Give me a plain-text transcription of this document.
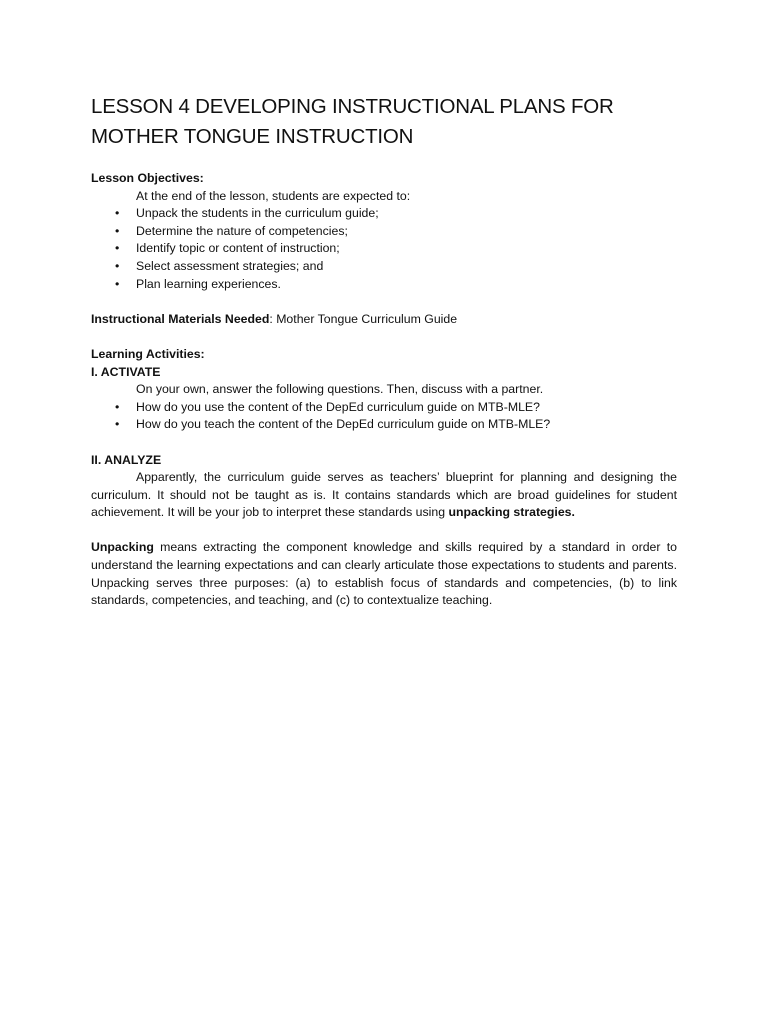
LESSON 4 DEVELOPING INSTRUCTIONAL PLANS FOR MOTHER TONGUE INSTRUCTION
Lesson Objectives:
At the end of the lesson, students are expected to:
• Unpack the students in the curriculum guide;
• Determine the nature of competencies;
• Identify topic or content of instruction;
• Select assessment strategies; and
• Plan learning experiences.
Instructional Materials Needed: Mother Tongue Curriculum Guide
Learning Activities:
I. ACTIVATE
On your own, answer the following questions. Then, discuss with a partner.
• How do you use the content of the DepEd curriculum guide on MTB-MLE?
• How do you teach the content of the DepEd curriculum guide on MTB-MLE?
II. ANALYZE

Apparently, the curriculum guide serves as teachers’ blueprint for planning and designing the curriculum. It should not be taught as is. It contains standards which are broad guidelines for student achievement. It will be your job to interpret these standards using unpacking strategies.

Unpacking means extracting the component knowledge and skills required by a standard in order to understand the learning expectations and can clearly articulate those expectations to students and parents. Unpacking serves three purposes: (a) to establish focus of standards and competencies, (b) to link standards, competencies, and teaching, and (c) to contextualize teaching.
